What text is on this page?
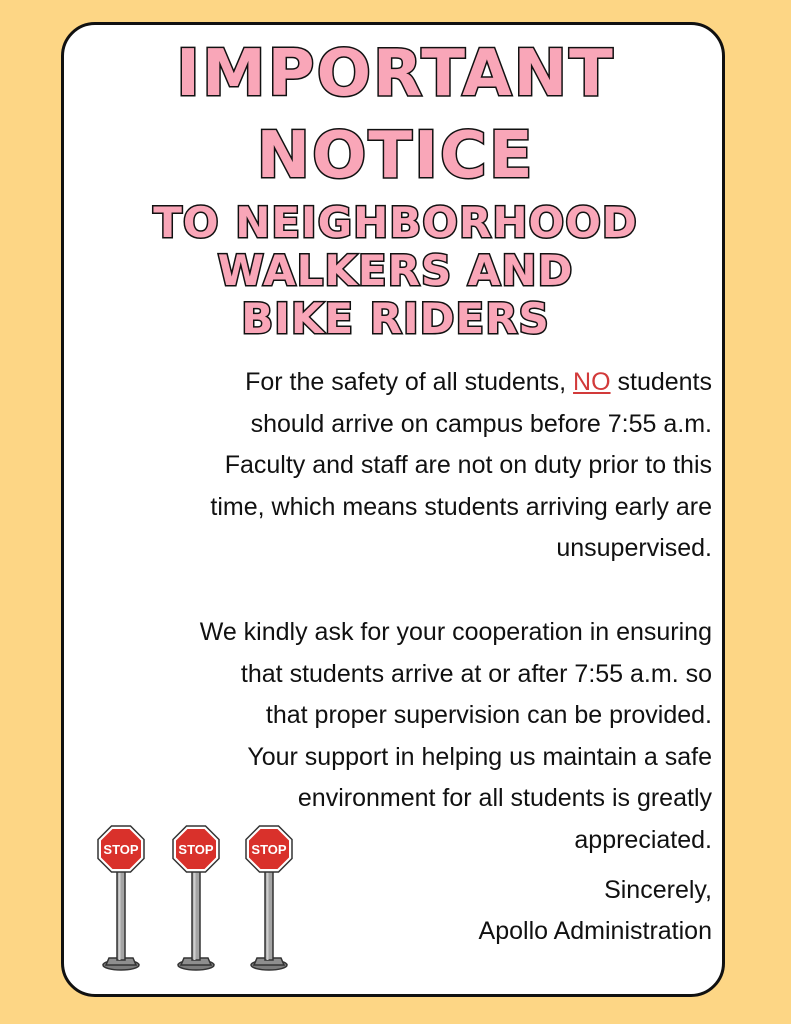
IMPORTANT
NOTICE
TO NEIGHBORHOOD
WALKERS AND
BIKE RIDERS

For the safety of all students, NO students
should arrive on campus before 7:55 a.m.
Faculty and staff are not on duty prior to this
time, which means students arriving early are
unsupervised.

We kindly ask for your cooperation in ensuring
that students arrive at or after 7:55 a.m. so
that proper supervision can be provided.
Your support in helping us maintain a safe
environment for all students is greatly
appreciated.

Sincerely,
Apollo Administration

STOP	STOP	STOP
